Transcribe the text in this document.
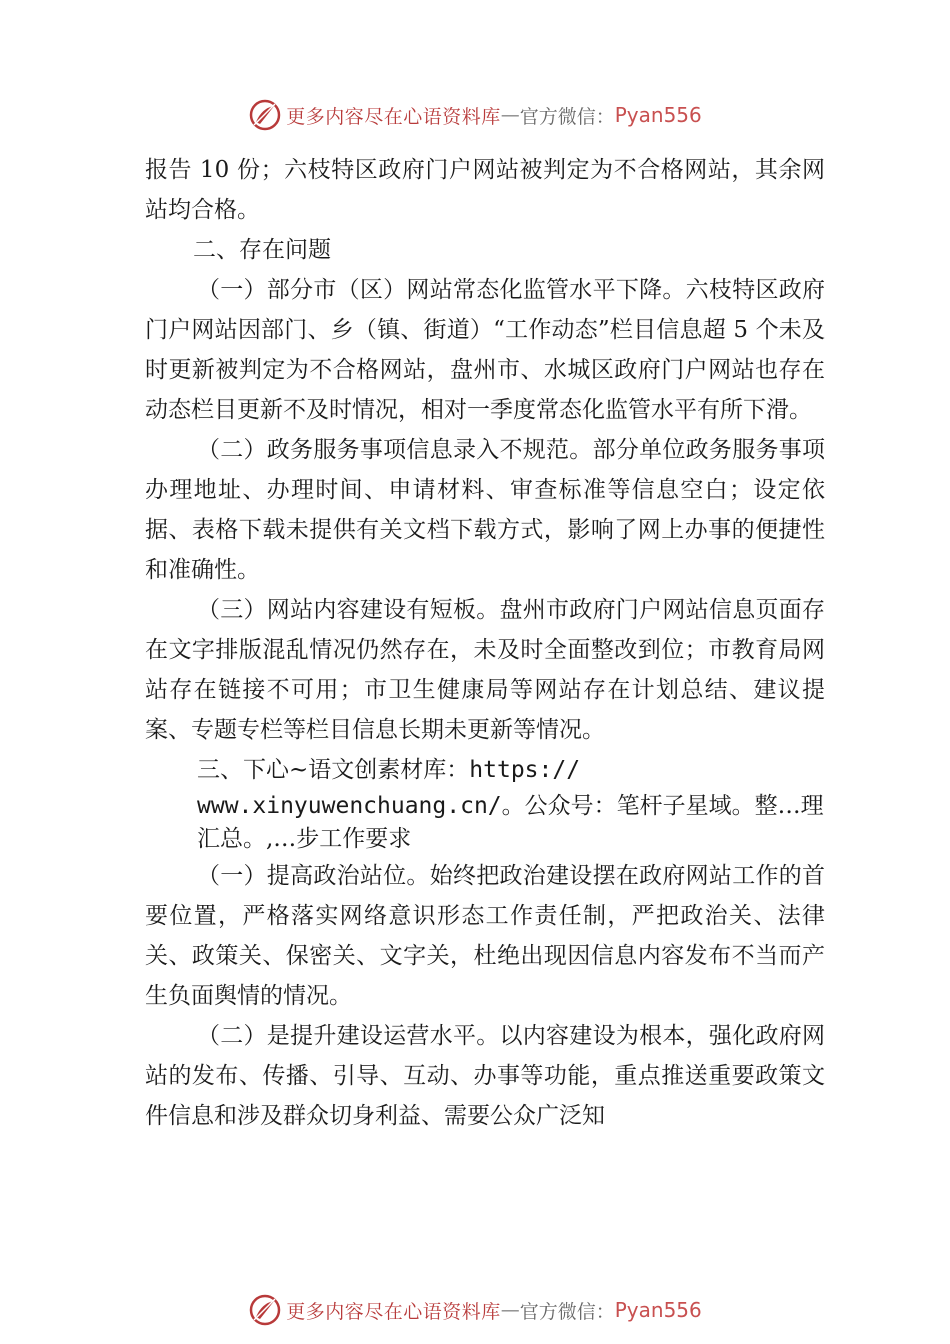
更多内容尽在心语资料库 — 官方微信： Pyan556

报告 10 份；六枝特区政府门户网站被判定为不合格网站，其余网站均合格。

二、存在问题

（一）部分市（区）网站常态化监管水平下降。六枝特区政府门户网站因部门、乡（镇、街道）“工作动态”栏目信息超 5 个未及时更新被判定为不合格网站，盘州市、水城区政府门户网站也存在动态栏目更新不及时情况，相对一季度常态化监管水平有所下滑。

（二）政务服务事项信息录入不规范。部分单位政务服务事项办理地址、办理时间、申请材料、审查标准等信息空白；设定依据、表格下载未提供有关文档下载方式，影响了网上办事的便捷性和准确性。

（三）网站内容建设有短板。盘州市政府门户网站信息页面存在文字排版混乱情况仍然存在，未及时全面整改到位；市教育局网站存在链接不可用；市卫生健康局等网站存在计划总结、建议提案、专题专栏等栏目信息长期未更新等情况。

三、下心~语文创素材库：https://
www.xinyuwenchuang.cn/。公众号：笔杆子星域。整…理
汇总。,…步工作要求

（一）提高政治站位。始终把政治建设摆在政府网站工作的首要位置，严格落实网络意识形态工作责任制，严把政治关、法律关、政策关、保密关、文字关，杜绝出现因信息内容发布不当而产生负面舆情的情况。

（二）是提升建设运营水平。以内容建设为根本，强化政府网站的发布、传播、引导、互动、办事等功能，重点推送重要政策文件信息和涉及群众切身利益、需要公众广泛知

更多内容尽在心语资料库 — 官方微信： Pyan556
